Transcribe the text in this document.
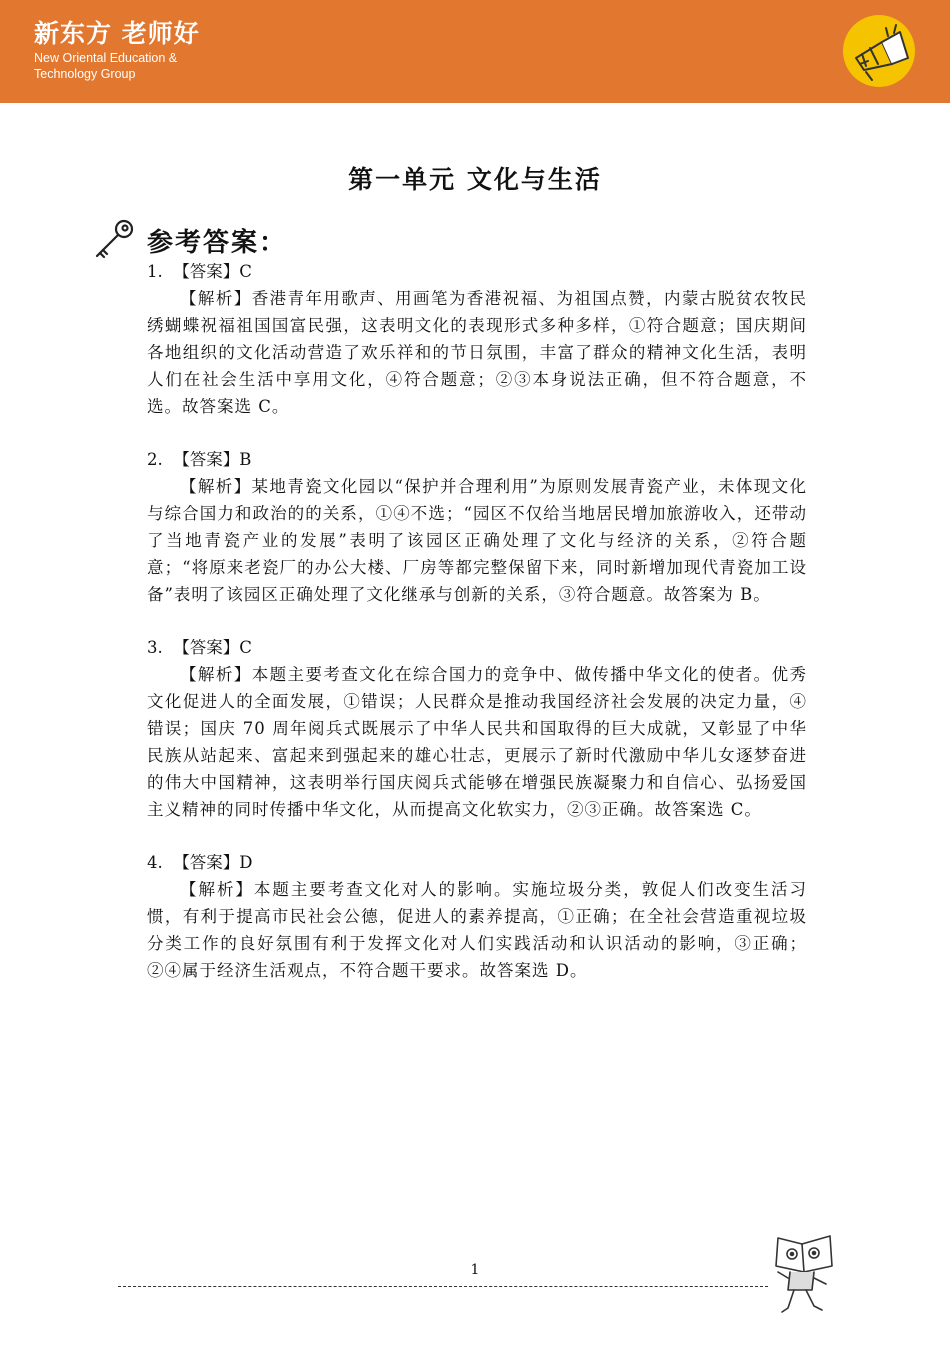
新东方 老师好
New Oriental Education &
Technology Group
第一单元 文化与生活
参考答案：
1.  【答案】C
【解析】香港青年用歌声、用画笔为香港祝福、为祖国点赞，内蒙古脱贫农牧民绣蝴蝶祝福祖国国富民强，这表明文化的表现形式多种多样，①符合题意；国庆期间各地组织的文化活动营造了欢乐祥和的节日氛围，丰富了群众的精神文化生活，表明人们在社会生活中享用文化，④符合题意；②③本身说法正确，但不符合题意，不选。故答案选 C。
2.  【答案】B
【解析】某地青瓷文化园以“保护并合理利用”为原则发展青瓷产业，未体现文化与综合国力和政治的的关系，①④不选；“园区不仅给当地居民增加旅游收入，还带动了当地青瓷产业的发展”表明了该园区正确处理了文化与经济的关系，②符合题意；“将原来老瓷厂的办公大楼、厂房等都完整保留下来，同时新增加现代青瓷加工设备”表明了该园区正确处理了文化继承与创新的关系，③符合题意。故答案为 B。
3.  【答案】C
【解析】本题主要考查文化在综合国力的竞争中、做传播中华文化的使者。优秀文化促进人的全面发展，①错误；人民群众是推动我国经济社会发展的决定力量，④错误；国庆 70 周年阅兵式既展示了中华人民共和国取得的巨大成就，又彰显了中华民族从站起来、富起来到强起来的雄心壮志，更展示了新时代激励中华儿女逐梦奋进的伟大中国精神，这表明举行国庆阅兵式能够在增强民族凝聚力和自信心、弘扬爱国主义精神的同时传播中华文化，从而提高文化软实力，②③正确。故答案选 C。
4.  【答案】D
【解析】本题主要考查文化对人的影响。实施垃圾分类，敦促人们改变生活习惯，有利于提高市民社会公德，促进人的素养提高，①正确；在全社会营造重视垃圾分类工作的良好氛围有利于发挥文化对人们实践活动和认识活动的影响，③正确；②④属于经济生活观点，不符合题干要求。故答案选 D。
1
